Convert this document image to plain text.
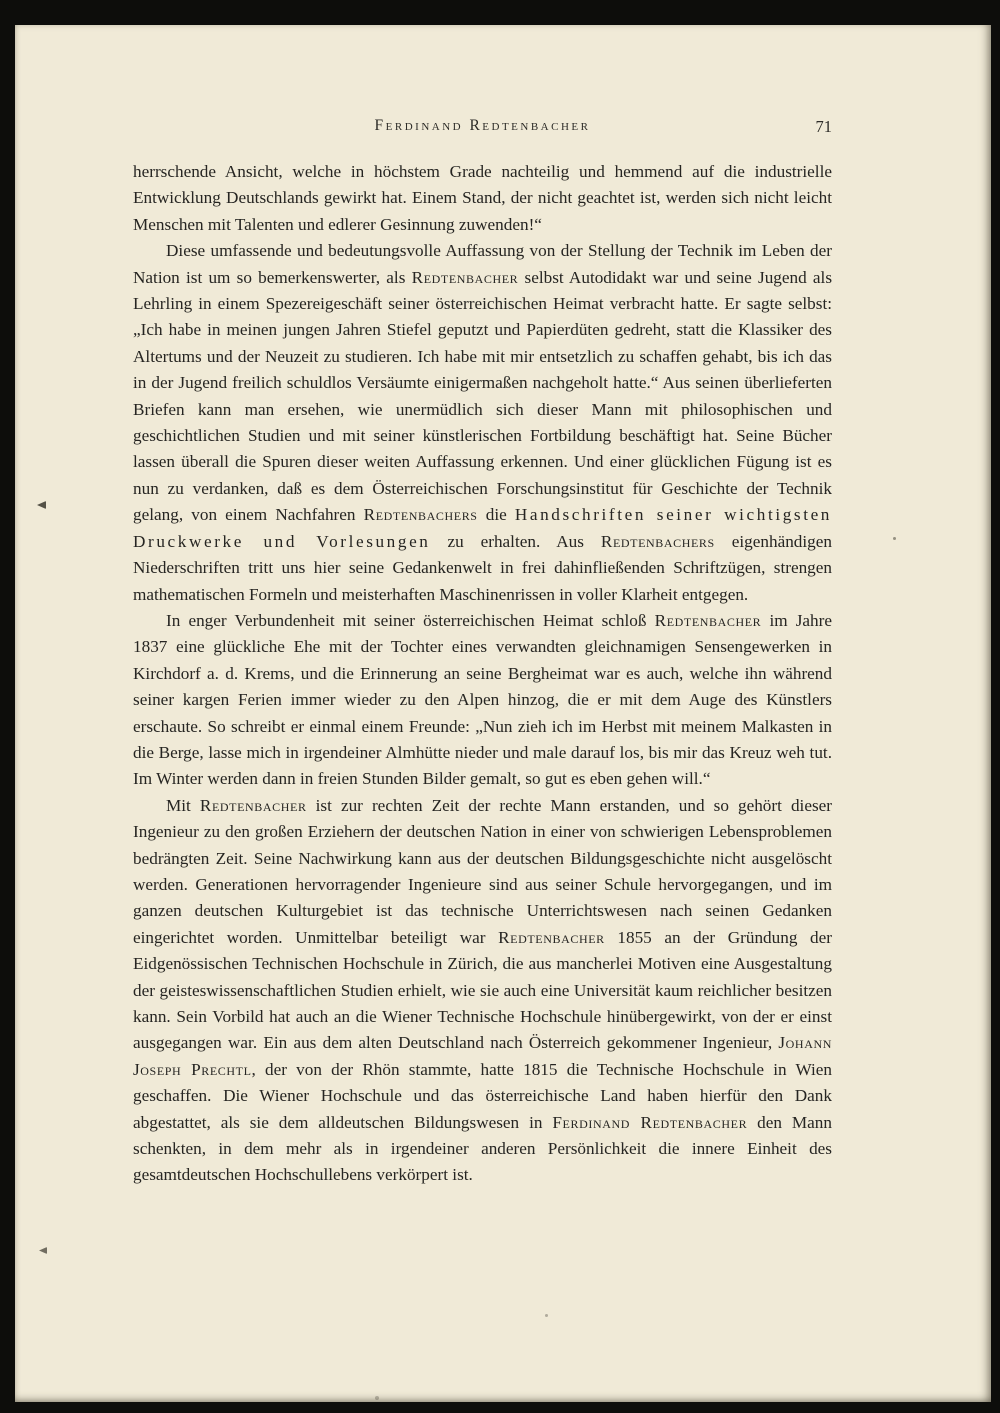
Ferdinand Redtenbacher	71

herrschende Ansicht, welche in höchstem Grade nachteilig und hemmend auf die industrielle Entwicklung Deutschlands gewirkt hat. Einem Stand, der nicht geachtet ist, werden sich nicht leicht Menschen mit Talenten und edlerer Gesinnung zuwenden!“

Diese umfassende und bedeutungsvolle Auffassung von der Stellung der Technik im Leben der Nation ist um so bemerkenswerter, als Redtenbacher selbst Autodidakt war und seine Jugend als Lehrling in einem Spezereigeschäft seiner österreichischen Heimat verbracht hatte. Er sagte selbst: „Ich habe in meinen jungen Jahren Stiefel geputzt und Papierdüten gedreht, statt die Klassiker des Altertums und der Neuzeit zu studieren. Ich habe mit mir entsetzlich zu schaffen gehabt, bis ich das in der Jugend freilich schuldlos Versäumte einigermaßen nachgeholt hatte.“ Aus seinen überlieferten Briefen kann man ersehen, wie unermüdlich sich dieser Mann mit philosophischen und geschichtlichen Studien und mit seiner künstlerischen Fortbildung beschäftigt hat. Seine Bücher lassen überall die Spuren dieser weiten Auffassung erkennen. Und einer glücklichen Fügung ist es nun zu verdanken, daß es dem Österreichischen Forschungsinstitut für Geschichte der Technik gelang, von einem Nachfahren Redtenbachers die Handschriften seiner wichtigsten Druckwerke und Vorlesungen zu erhalten. Aus Redtenbachers eigenhändigen Niederschriften tritt uns hier seine Gedankenwelt in frei dahinfließenden Schriftzügen, strengen mathematischen Formeln und meisterhaften Maschinenrissen in voller Klarheit entgegen.

In enger Verbundenheit mit seiner österreichischen Heimat schloß Redtenbacher im Jahre 1837 eine glückliche Ehe mit der Tochter eines verwandten gleichnamigen Sensengewerken in Kirchdorf a. d. Krems, und die Erinnerung an seine Bergheimat war es auch, welche ihn während seiner kargen Ferien immer wieder zu den Alpen hinzog, die er mit dem Auge des Künstlers erschaute. So schreibt er einmal einem Freunde: „Nun zieh ich im Herbst mit meinem Malkasten in die Berge, lasse mich in irgendeiner Almhütte nieder und male darauf los, bis mir das Kreuz weh tut. Im Winter werden dann in freien Stunden Bilder gemalt, so gut es eben gehen will.“

Mit Redtenbacher ist zur rechten Zeit der rechte Mann erstanden, und so gehört dieser Ingenieur zu den großen Erziehern der deutschen Nation in einer von schwierigen Lebensproblemen bedrängten Zeit. Seine Nachwirkung kann aus der deutschen Bildungsgeschichte nicht ausgelöscht werden. Generationen hervorragender Ingenieure sind aus seiner Schule hervorgegangen, und im ganzen deutschen Kulturgebiet ist das technische Unterrichtswesen nach seinen Gedanken eingerichtet worden. Unmittelbar beteiligt war Redtenbacher 1855 an der Gründung der Eidgenössischen Technischen Hochschule in Zürich, die aus mancherlei Motiven eine Ausgestaltung der geisteswissenschaftlichen Studien erhielt, wie sie auch eine Universität kaum reichlicher besitzen kann. Sein Vorbild hat auch an die Wiener Technische Hochschule hinübergewirkt, von der er einst ausgegangen war. Ein aus dem alten Deutschland nach Österreich gekommener Ingenieur, Johann Joseph Prechtl, der von der Rhön stammte, hatte 1815 die Technische Hochschule in Wien geschaffen. Die Wiener Hochschule und das österreichische Land haben hierfür den Dank abgestattet, als sie dem alldeutschen Bildungswesen in Ferdinand Redtenbacher den Mann schenkten, in dem mehr als in irgendeiner anderen Persönlichkeit die innere Einheit des gesamtdeutschen Hochschullebens verkörpert ist.
